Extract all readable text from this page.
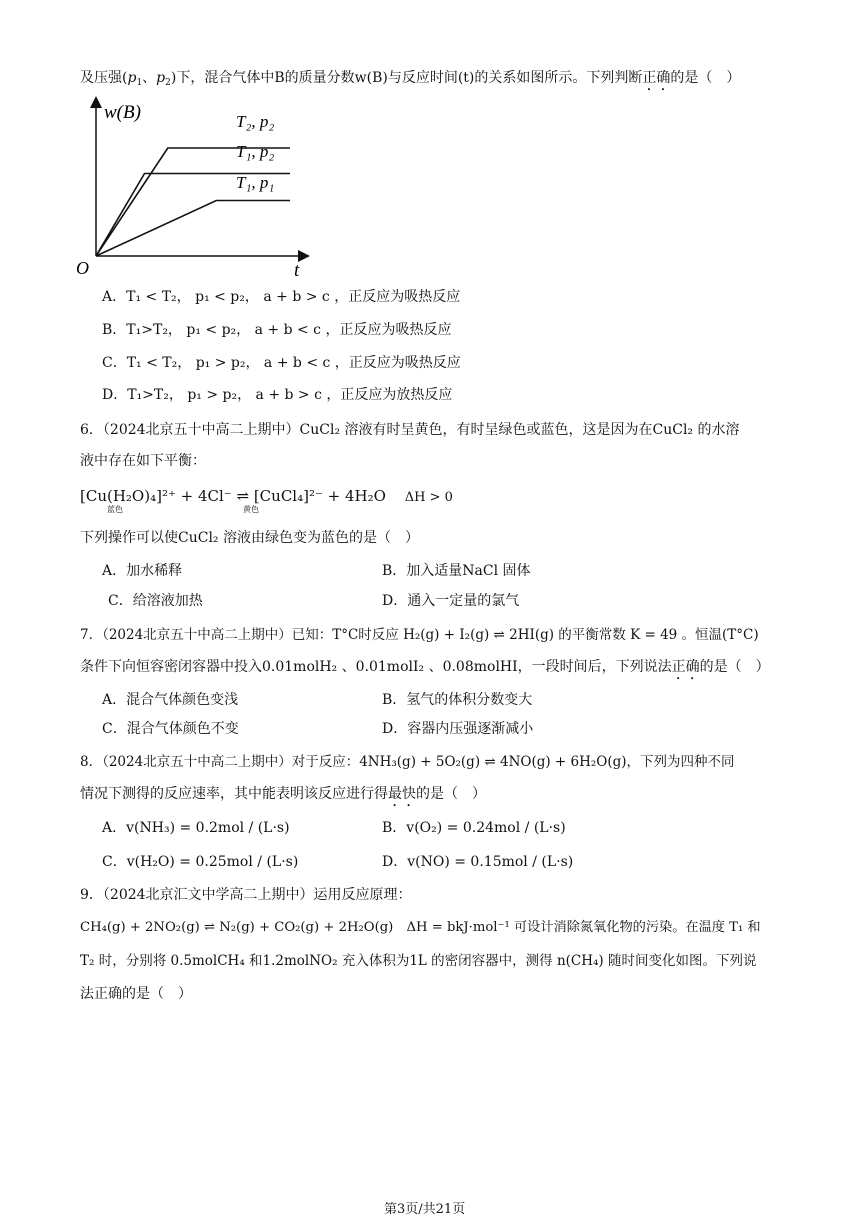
及压强($p_1$、$p_2$)下，混合气体中B的质量分数w(B)与反应时间(t)的关系如图所示。下列判断正确的是（　）
w(B)
O	t
T₂, p₂
T₁, p₂
T₁, p₁
A．T₁ < T₂， p₁ < p₂， a + b > c ，正反应为吸热反应
B．T₁>T₂， p₁ < p₂， a + b < c ，正反应为吸热反应
C．T₁ < T₂， p₁ > p₂， a + b < c ，正反应为吸热反应
D．T₁>T₂， p₁ > p₂， a + b > c ，正反应为放热反应
6．（2024北京五十中高二上期中）CuCl₂ 溶液有时呈黄色，有时呈绿色或蓝色，这是因为在CuCl₂ 的水溶
液中存在如下平衡：
[Cu(H₂O)₄]²⁺ + 4Cl⁻ ⇌ [CuCl₄]²⁻ + 4H₂O ΔH > 0
蓝色	黄色
下列操作可以使CuCl₂ 溶液由绿色变为蓝色的是（　）
A．加水稀释	B．加入适量NaCl 固体
C．给溶液加热	D．通入一定量的氯气
7．（2024北京五十中高二上期中）已知：T°C时反应 H₂(g) + I₂(g) ⇌ 2HI(g) 的平衡常数 K = 49 。恒温(T°C)
条件下向恒容密闭容器中投入0.01molH₂ 、0.01molI₂ 、0.08molHI，一段时间后，下列说法正确的是（　）
A．混合气体颜色变浅	B．氢气的体积分数变大
C．混合气体颜色不变	D．容器内压强逐渐减小
8．（2024北京五十中高二上期中）对于反应：4NH₃(g) + 5O₂(g) ⇌ 4NO(g) + 6H₂O(g)，下列为四种不同
情况下测得的反应速率，其中能表明该反应进行得最快的是（　）
A．v(NH₃) = 0.2mol / (L·s)	B．v(O₂) = 0.24mol / (L·s)
C．v(H₂O) = 0.25mol / (L·s)	D．v(NO) = 0.15mol / (L·s)
9．（2024北京汇文中学高二上期中）运用反应原理：
CH₄(g) + 2NO₂(g) ⇌ N₂(g) + CO₂(g) + 2H₂O(g)　ΔH = bkJ·mol⁻¹ 可设计消除氮氧化物的污染。在温度 T₁ 和
T₂ 时，分别将 0.5molCH₄ 和1.2molNO₂ 充入体积为1L 的密闭容器中，测得 n(CH₄) 随时间变化如图。下列说
法正确的是（　）
第3页/共21页
